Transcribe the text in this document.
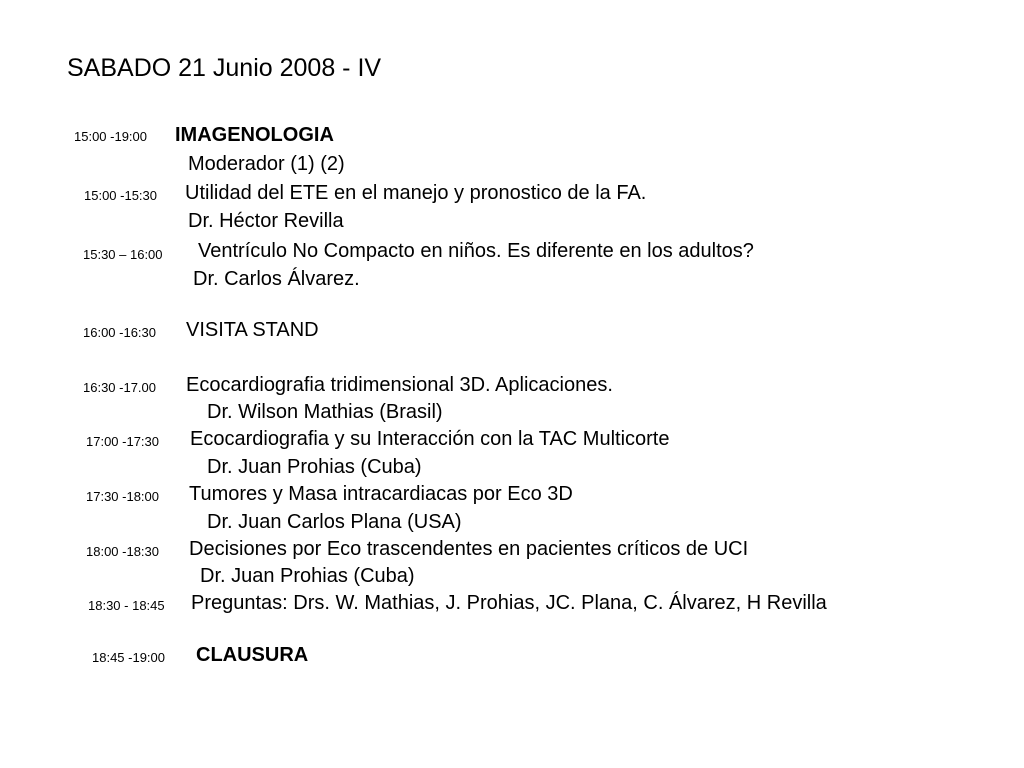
SABADO 21 Junio 2008 - IV
15:00 -19:00 IMAGENOLOGIA
Moderador (1) (2)
15:00 -15:30 Utilidad del ETE en el manejo y pronostico de la FA.
Dr. Héctor Revilla
15:30 – 16:00 Ventrículo No Compacto en niños. Es diferente en los adultos?
Dr. Carlos Álvarez.
16:00 -16:30 VISITA STAND
16:30 -17.00 Ecocardiografia tridimensional 3D. Aplicaciones.
Dr. Wilson Mathias (Brasil)
17:00 -17:30 Ecocardiografia y su Interacción con la TAC Multicorte
Dr. Juan Prohias (Cuba)
17:30 -18:00 Tumores y Masa intracardiacas por Eco 3D
Dr. Juan Carlos Plana (USA)
18:00 -18:30 Decisiones por Eco trascendentes en pacientes críticos de UCI
Dr. Juan Prohias (Cuba)
18:30 - 18:45 Preguntas: Drs. W. Mathias, J. Prohias, JC. Plana, C. Álvarez, H Revilla
18:45 -19:00 CLAUSURA
